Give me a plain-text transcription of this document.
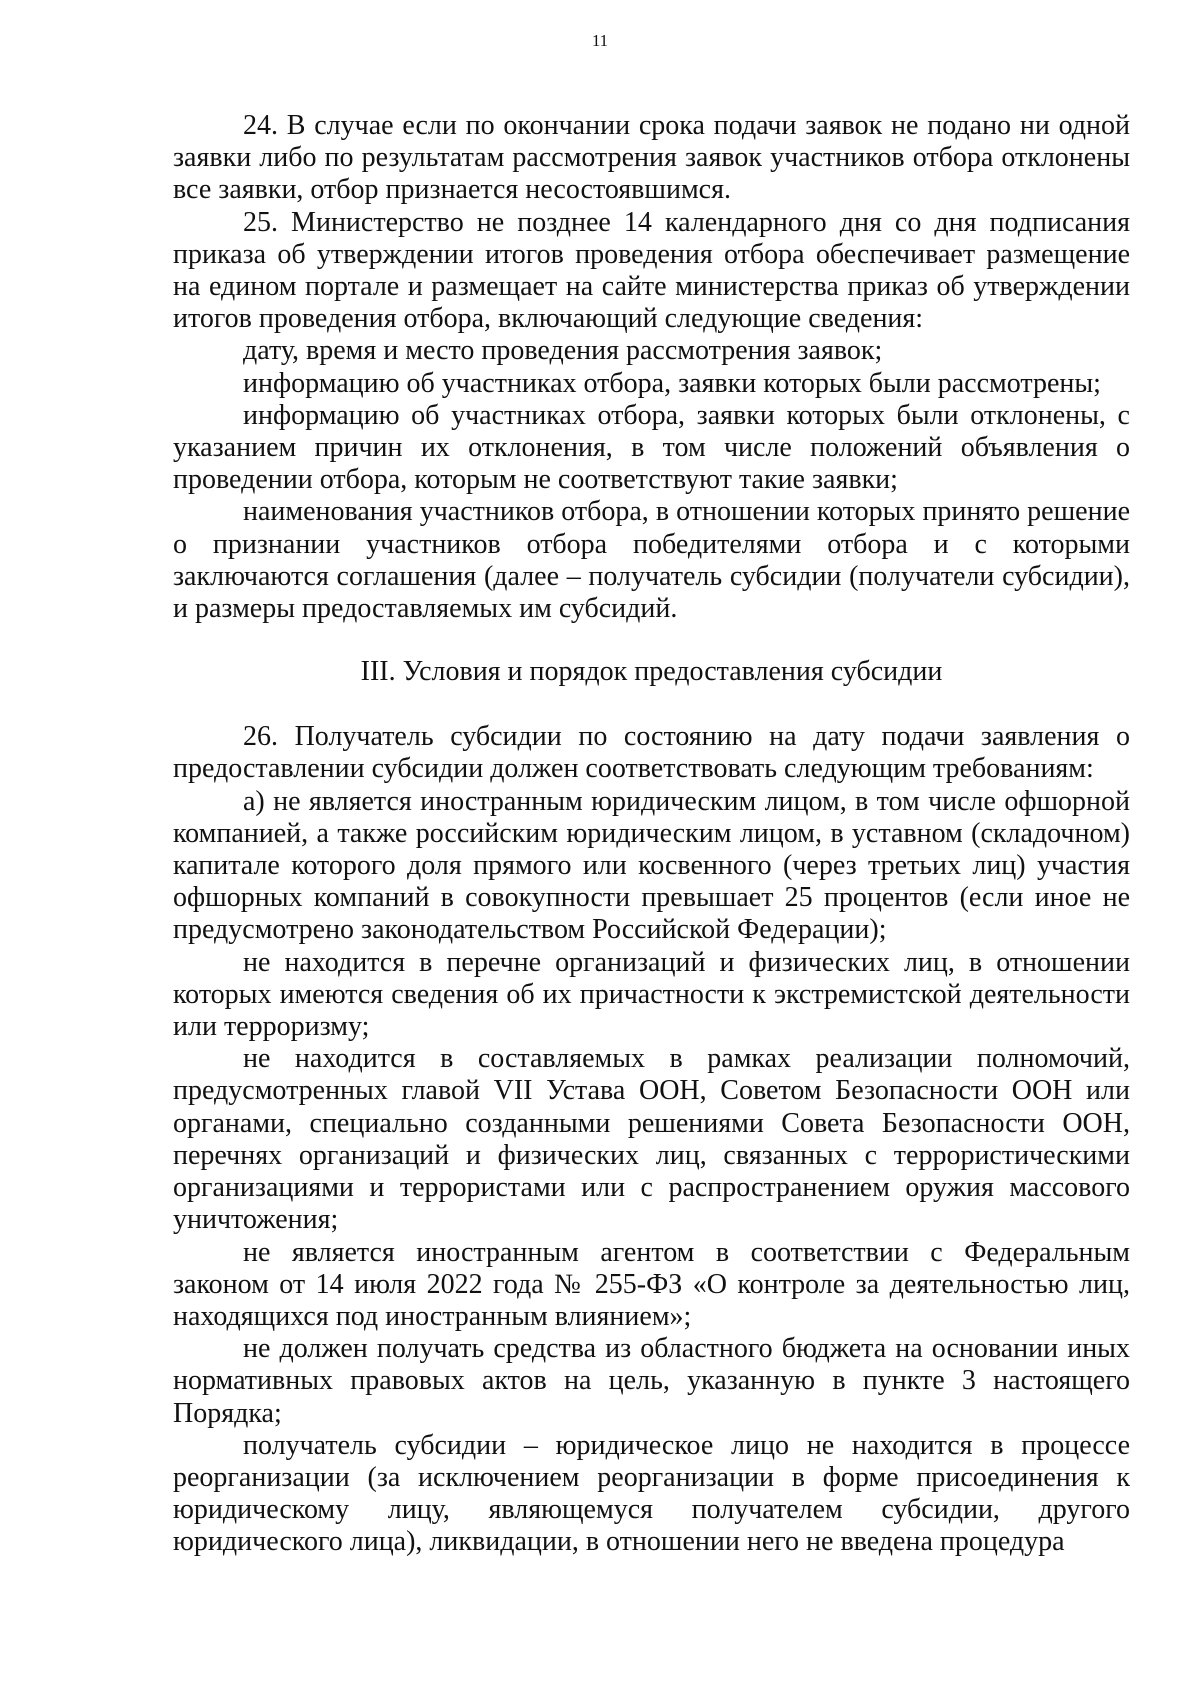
11

24. В случае если по окончании срока подачи заявок не подано ни одной заявки либо по результатам рассмотрения заявок участников отбора отклонены все заявки, отбор признается несостоявшимся.

25. Министерство не позднее 14 календарного дня со дня подписания приказа об утверждении итогов проведения отбора обеспечивает размещение на едином портале и размещает на сайте министерства приказ об утверждении итогов проведения отбора, включающий следующие сведения:

дату, время и место проведения рассмотрения заявок;

информацию об участниках отбора, заявки которых были рассмотрены;

информацию об участниках отбора, заявки которых были отклонены, с указанием причин их отклонения, в том числе положений объявления о проведении отбора, которым не соответствуют такие заявки;

наименования участников отбора, в отношении которых принято решение о признании участников отбора победителями отбора и с которыми заключаются соглашения (далее – получатель субсидии (получатели субсидии), и размеры предоставляемых им субсидий.

III. Условия и порядок предоставления субсидии

26. Получатель субсидии по состоянию на дату подачи заявления о предоставлении субсидии должен соответствовать следующим требованиям:

а) не является иностранным юридическим лицом, в том числе офшорной компанией, а также российским юридическим лицом, в уставном (складочном) капитале которого доля прямого или косвенного (через третьих лиц) участия офшорных компаний в совокупности превышает 25 процентов (если иное не предусмотрено законодательством Российской Федерации);

не находится в перечне организаций и физических лиц, в отношении которых имеются сведения об их причастности к экстремистской деятельности или терроризму;

не находится в составляемых в рамках реализации полномочий, предусмотренных главой VII Устава ООН, Советом Безопасности ООН или органами, специально созданными решениями Совета Безопасности ООН, перечнях организаций и физических лиц, связанных с террористическими организациями и террористами или с распространением оружия массового уничтожения;

не является иностранным агентом в соответствии с Федеральным законом от 14 июля 2022 года № 255-ФЗ «О контроле за деятельностью лиц, находящихся под иностранным влиянием»;

не должен получать средства из областного бюджета на основании иных нормативных правовых актов на цель, указанную в пункте 3 настоящего Порядка;

получатель субсидии – юридическое лицо не находится в процессе реорганизации (за исключением реорганизации в форме присоединения к юридическому лицу, являющемуся получателем субсидии, другого юридического лица), ликвидации, в отношении него не введена процедура
